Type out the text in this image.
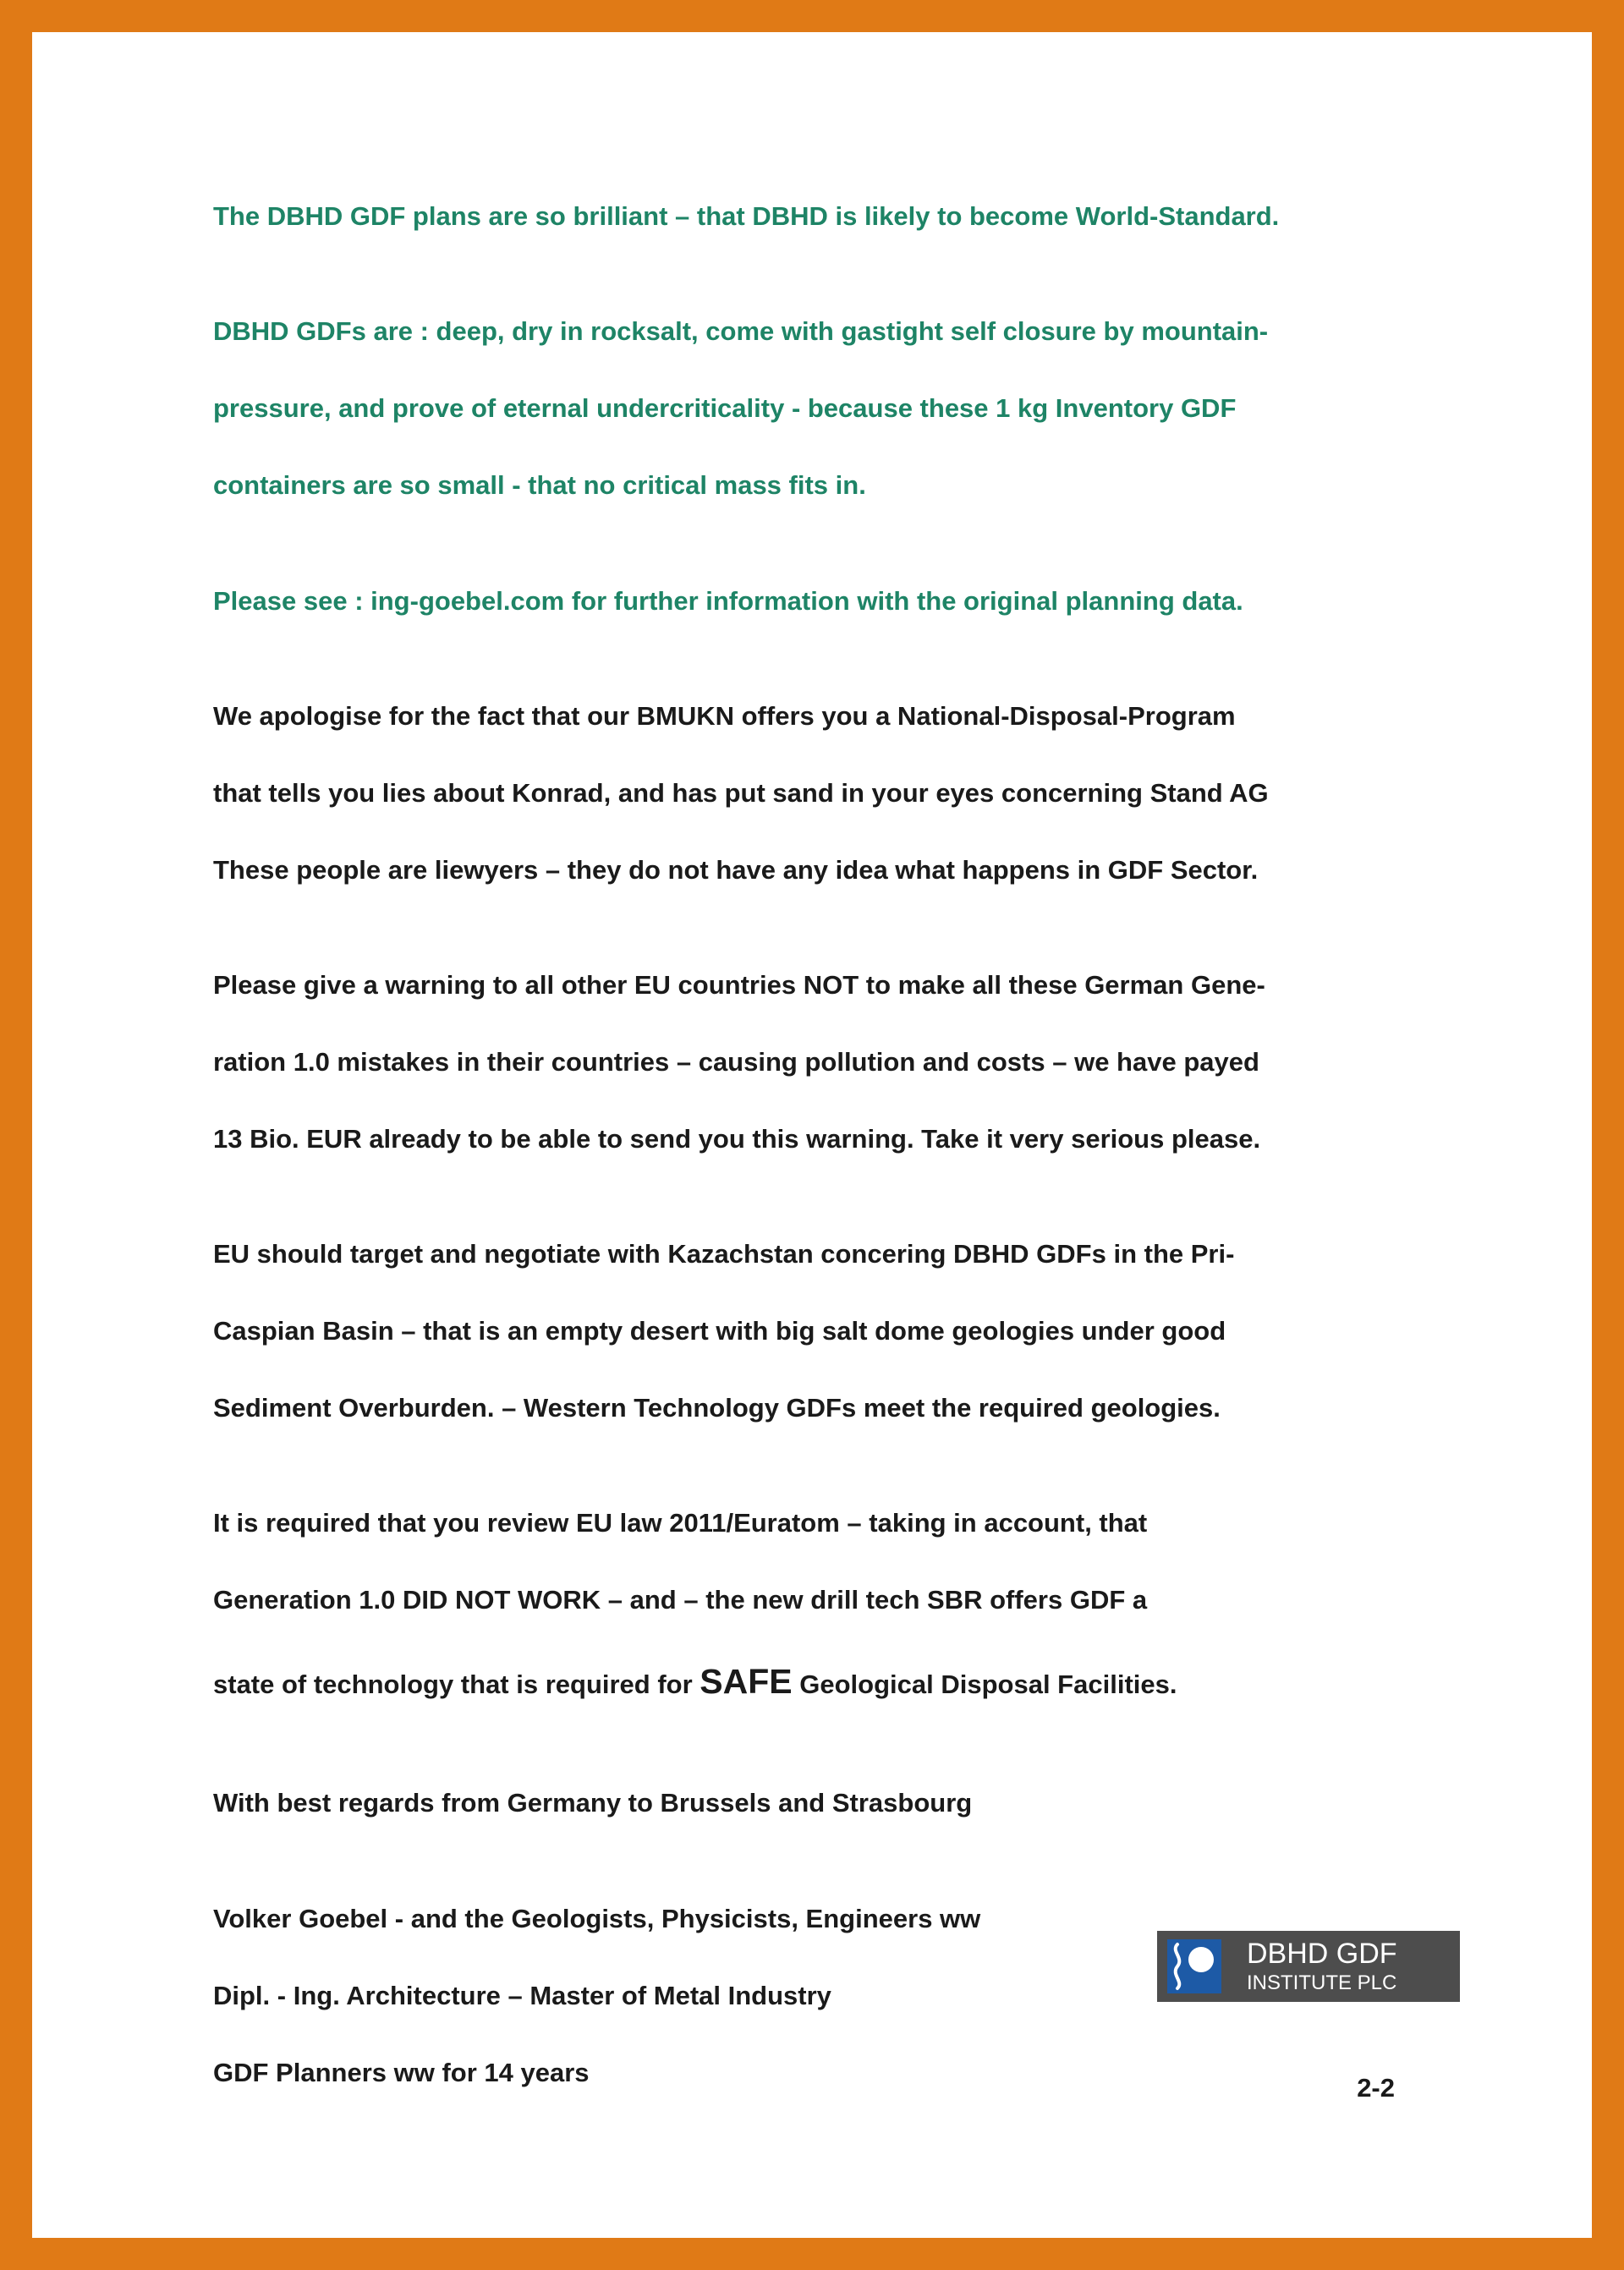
The DBHD GDF plans are so brilliant – that DBHD is likely to become World-Standard.

DBHD GDFs are : deep, dry in rocksalt, come with gastight self closure by mountain-

pressure, and prove of eternal undercriticality - because these 1 kg Inventory GDF

containers are so small - that no critical mass fits in.

Please see : ing-goebel.com for further information with the original planning data.

We apologise for the fact that our BMUKN offers you a National-Disposal-Program

that tells you lies about Konrad, and has put sand in your eyes concerning Stand AG

These people are liewyers – they do not have any idea what happens in GDF Sector.

Please give a warning to all other EU countries NOT to make all these German Gene-

ration 1.0 mistakes in their countries – causing pollution and costs – we have payed

13 Bio. EUR already to be able to send you this warning. Take it very serious please.

EU should target and negotiate with Kazachstan concering DBHD GDFs in the Pri-

Caspian Basin – that is an empty desert with big salt dome geologies under good

Sediment Overburden. – Western Technology GDFs meet the required geologies.

It is required that you review EU law 2011/Euratom – taking in account, that

Generation 1.0 DID NOT WORK – and – the new drill tech SBR offers GDF a

state of technology that is required for SAFE Geological Disposal Facilities.

With best regards from Germany to Brussels and Strasbourg

Volker Goebel - and the Geologists, Physicists, Engineers ww

Dipl. - Ing. Architecture – Master of Metal Industry

GDF Planners ww for 14 years

DBHD GDF
INSTITUTE PLC
2-2
